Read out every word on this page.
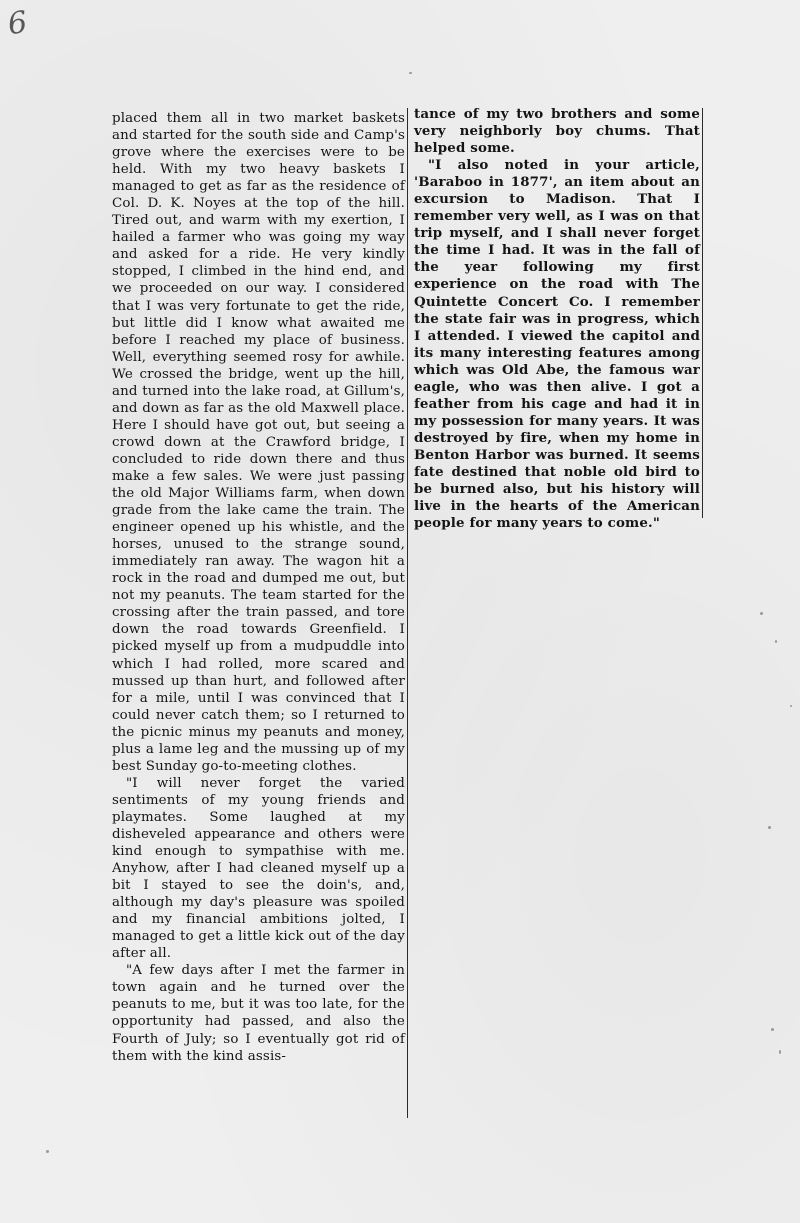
6

placed them all in two market baskets and started for the south side and Camp's grove where the exercises were to be held. With my two heavy baskets I managed to get as far as the residence of Col. D. K. Noyes at the top of the hill. Tired out, and warm with my exertion, I hailed a farmer who was going my way and asked for a ride. He very kindly stopped, I climbed in the hind end, and we proceeded on our way. I considered that I was very fortunate to get the ride, but little did I know what awaited me before I reached my place of business. Well, everything seemed rosy for awhile. We crossed the bridge, went up the hill, and turned into the lake road, at Gillum's, and down as far as the old Maxwell place. Here I should have got out, but seeing a crowd down at the Crawford bridge, I concluded to ride down there and thus make a few sales. We were just passing the old Major Williams farm, when down grade from the lake came the train. The engineer opened up his whistle, and the horses, unused to the strange sound, immediately ran away. The wagon hit a rock in the road and dumped me out, but not my peanuts. The team started for the crossing after the train passed, and tore down the road towards Greenfield. I picked myself up from a mudpuddle into which I had rolled, more scared and mussed up than hurt, and followed after for a mile, until I was convinced that I could never catch them; so I returned to the picnic minus my peanuts and money, plus a lame leg and the mussing up of my best Sunday go-to-meeting clothes.

"I will never forget the varied sentiments of my young friends and playmates. Some laughed at my disheveled appearance and others were kind enough to sympathise with me. Anyhow, after I had cleaned myself up a bit I stayed to see the doin's, and, although my day's pleasure was spoiled and my financial ambitions jolted, I managed to get a little kick out of the day after all.

"A few days after I met the farmer in town again and he turned over the peanuts to me, but it was too late, for the opportunity had passed, and also the Fourth of July; so I eventually got rid of them with the kind assis-

tance of my two brothers and some very neighborly boy chums. That helped some.

"I also noted in your article, 'Baraboo in 1877', an item about an excursion to Madison. That I remember very well, as I was on that trip myself, and I shall never forget the time I had. It was in the fall of the year following my first experience on the road with The Quintette Concert Co. I remember the state fair was in progress, which I attended. I viewed the capitol and its many interesting features among which was Old Abe, the famous war eagle, who was then alive. I got a feather from his cage and had it in my possession for many years. It was destroyed by fire, when my home in Benton Harbor was burned. It seems fate destined that noble old bird to be burned also, but his history will live in the hearts of the American people for many years to come."
